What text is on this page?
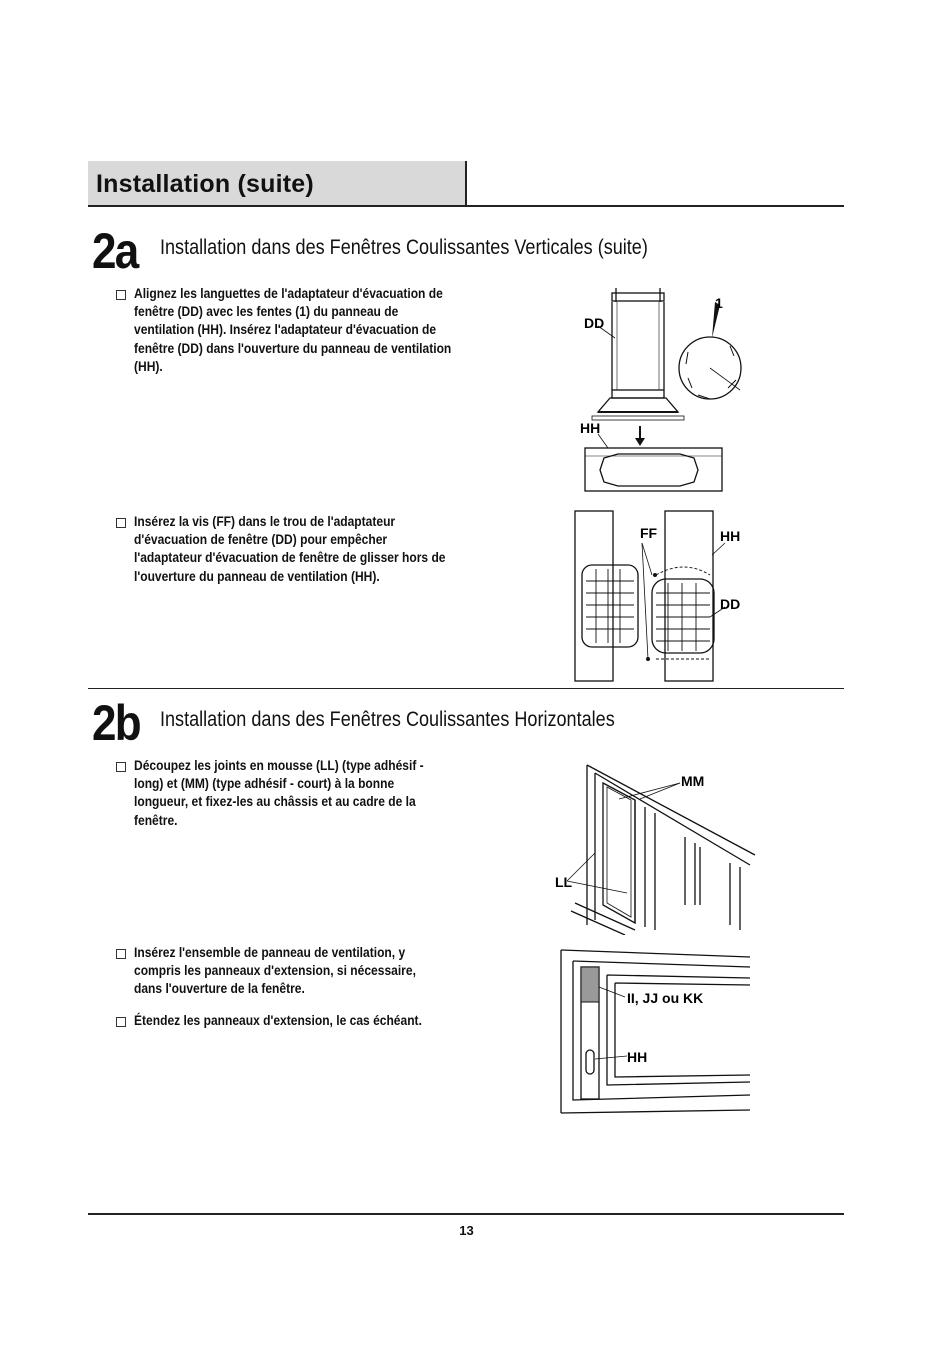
Installation (suite)
2a Installation dans des Fenêtres Coulissantes Verticales (suite)
Alignez les languettes de l'adaptateur d'évacuation de fenêtre (DD) avec les fentes (1) du panneau de ventilation (HH). Insérez l'adaptateur d'évacuation de fenêtre (DD) dans l'ouverture du panneau de ventilation (HH).
Insérez la vis (FF) dans le trou de l'adaptateur d'évacuation de fenêtre (DD) pour empêcher l'adaptateur d'évacuation de fenêtre de glisser hors de l'ouverture du panneau de ventilation (HH).
DD
1
HH
FF	HH
DD
2b Installation dans des Fenêtres Coulissantes Horizontales
Découpez les joints en mousse (LL) (type adhésif - long) et (MM) (type adhésif - court) à la bonne longueur, et fixez-les au châssis et au cadre de la fenêtre.
Insérez l'ensemble de panneau de ventilation, y compris les panneaux d'extension, si nécessaire, dans l'ouverture de la fenêtre.
Étendez les panneaux d'extension, le cas échéant.
MM
LL
II, JJ ou KK
HH
13
